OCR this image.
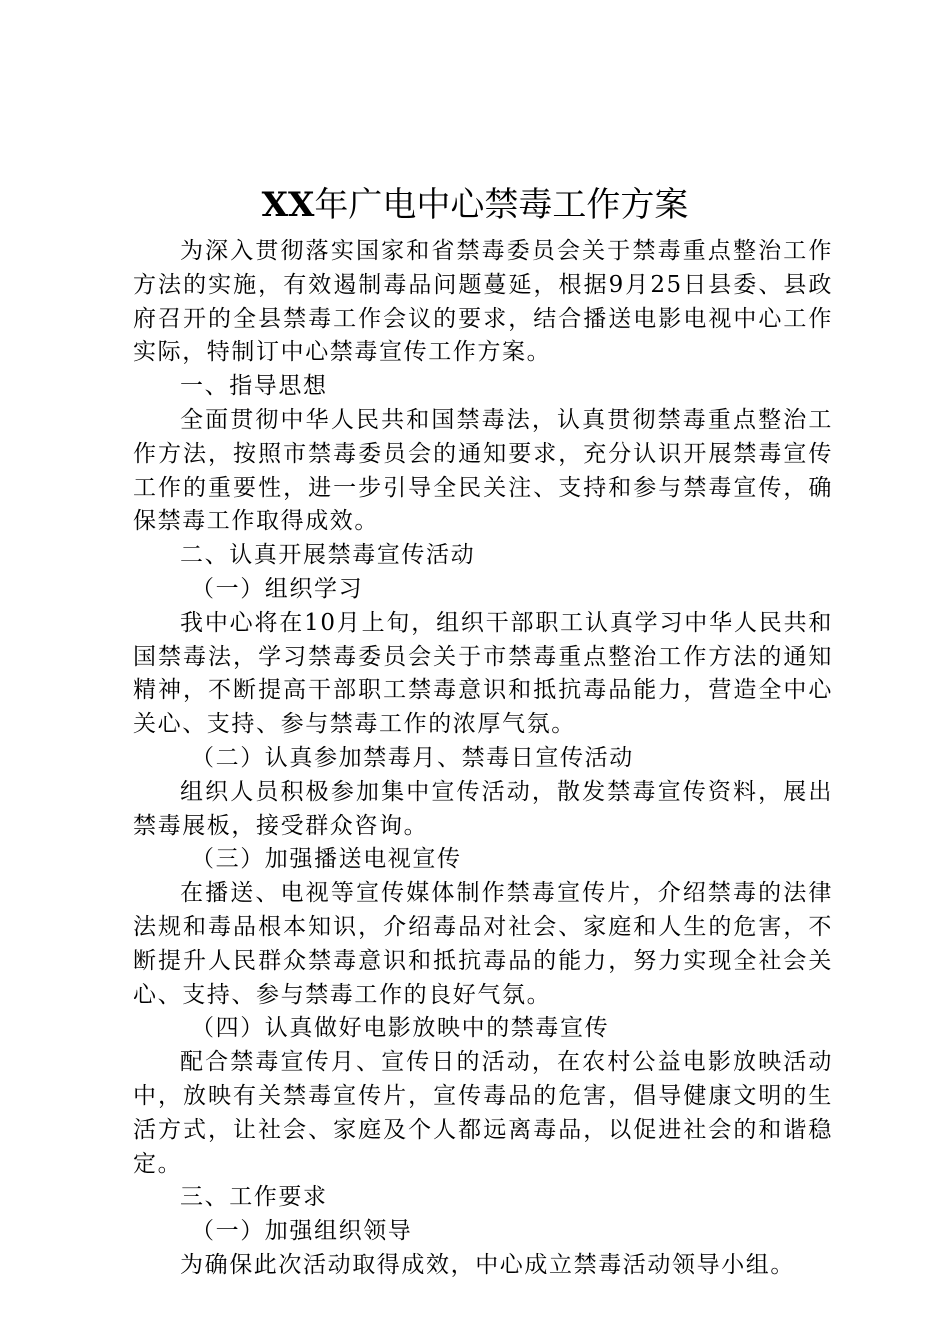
XX年广电中心禁毒工作方案

为深入贯彻落实国家和省禁毒委员会关于禁毒重点整治工作方法的实施，有效遏制毒品问题蔓延，根据9月25日县委、县政府召开的全县禁毒工作会议的要求，结合播送电影电视中心工作实际，特制订中心禁毒宣传工作方案。

一、指导思想

全面贯彻中华人民共和国禁毒法，认真贯彻禁毒重点整治工作方法，按照市禁毒委员会的通知要求，充分认识开展禁毒宣传工作的重要性，进一步引导全民关注、支持和参与禁毒宣传，确保禁毒工作取得成效。

二、认真开展禁毒宣传活动

（一）组织学习

我中心将在10月上旬，组织干部职工认真学习中华人民共和国禁毒法，学习禁毒委员会关于市禁毒重点整治工作方法的通知精神，不断提高干部职工禁毒意识和抵抗毒品能力，营造全中心关心、支持、参与禁毒工作的浓厚气氛。

（二）认真参加禁毒月、禁毒日宣传活动

组织人员积极参加集中宣传活动，散发禁毒宣传资料，展出禁毒展板，接受群众咨询。

（三）加强播送电视宣传

在播送、电视等宣传媒体制作禁毒宣传片，介绍禁毒的法律法规和毒品根本知识，介绍毒品对社会、家庭和人生的危害，不断提升人民群众禁毒意识和抵抗毒品的能力，努力实现全社会关心、支持、参与禁毒工作的良好气氛。

（四）认真做好电影放映中的禁毒宣传

配合禁毒宣传月、宣传日的活动，在农村公益电影放映活动中，放映有关禁毒宣传片，宣传毒品的危害，倡导健康文明的生活方式，让社会、家庭及个人都远离毒品，以促进社会的和谐稳定。

三、工作要求

（一）加强组织领导

为确保此次活动取得成效，中心成立禁毒活动领导小组。
